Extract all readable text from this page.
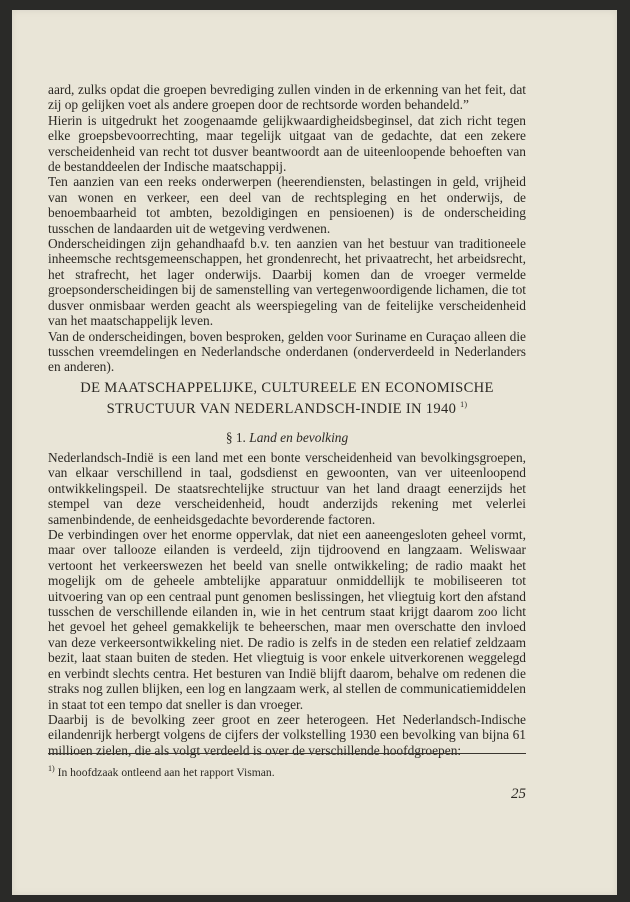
aard, zulks opdat die groepen bevrediging zullen vinden in de erkenning van het feit, dat zij op gelijken voet als andere groepen door de rechtsorde worden behandeld.”

Hierin is uitgedrukt het zoogenaamde gelijkwaardigheidsbeginsel, dat zich richt tegen elke groepsbevoorrechting, maar tegelijk uitgaat van de gedachte, dat een zekere verscheidenheid van recht tot dusver beantwoordt aan de uiteenloopende behoeften van de bestanddeelen der Indische maatschappij.

Ten aanzien van een reeks onderwerpen (heerendiensten, belastingen in geld, vrijheid van wonen en verkeer, een deel van de rechtspleging en het onderwijs, de benoembaarheid tot ambten, bezoldigingen en pensioenen) is de onderscheiding tusschen de landaarden uit de wetgeving verdwenen.

Onderscheidingen zijn gehandhaafd b.v. ten aanzien van het bestuur van traditioneele inheemsche rechtsgemeenschappen, het grondenrecht, het privaatrecht, het arbeidsrecht, het strafrecht, het lager onderwijs. Daarbij komen dan de vroeger vermelde groepsonderscheidingen bij de samenstelling van vertegenwoordigende lichamen, die tot dusver onmisbaar werden geacht als weerspiegeling van de feitelijke verscheidenheid van het maatschappelijk leven.

Van de onderscheidingen, boven besproken, gelden voor Suriname en Curaçao alleen die tusschen vreemdelingen en Nederlandsche onderdanen (onderverdeeld in Nederlanders en anderen).

DE MAATSCHAPPELIJKE, CULTUREELE EN ECONOMISCHE

STRUCTUUR VAN NEDERLANDSCH-INDIE IN 1940 $^{1)}$

§ 1. Land en bevolking

Nederlandsch-Indië is een land met een bonte verscheidenheid van bevolkingsgroepen, van elkaar verschillend in taal, godsdienst en gewoonten, van ver uiteenloopend ontwikkelingspeil. De staatsrechtelijke structuur van het land draagt eenerzijds het stempel van deze verscheidenheid, houdt anderzijds rekening met velerlei samenbindende, de eenheidsgedachte bevorderende factoren.

De verbindingen over het enorme oppervlak, dat niet een aaneengesloten geheel vormt, maar over tallooze eilanden is verdeeld, zijn tijdroovend en langzaam. Weliswaar vertoont het verkeerswezen het beeld van snelle ontwikkeling; de radio maakt het mogelijk om de geheele ambtelijke apparatuur onmiddellijk te mobiliseeren tot uitvoering van op een centraal punt genomen beslissingen, het vliegtuig kort den afstand tusschen de verschillende eilanden in, wie in het centrum staat krijgt daarom zoo licht het gevoel het geheel gemakkelijk te beheerschen, maar men overschatte den invloed van deze verkeersontwikkeling niet. De radio is zelfs in de steden een relatief zeldzaam bezit, laat staan buiten de steden. Het vliegtuig is voor enkele uitverkorenen weggelegd en verbindt slechts centra. Het besturen van Indië blijft daarom, behalve om redenen die straks nog zullen blijken, een log en langzaam werk, al stellen de communicatiemiddelen in staat tot een tempo dat sneller is dan vroeger.

Daarbij is de bevolking zeer groot en zeer heterogeen. Het Nederlandsch-Indische eilandenrijk herbergt volgens de cijfers der volkstelling 1930 een bevolking van bijna 61 millioen zielen, die als volgt verdeeld is over de verschillende hoofdgroepen:

$^{1)}$ In hoofdzaak ontleend aan het rapport Visman.
25
